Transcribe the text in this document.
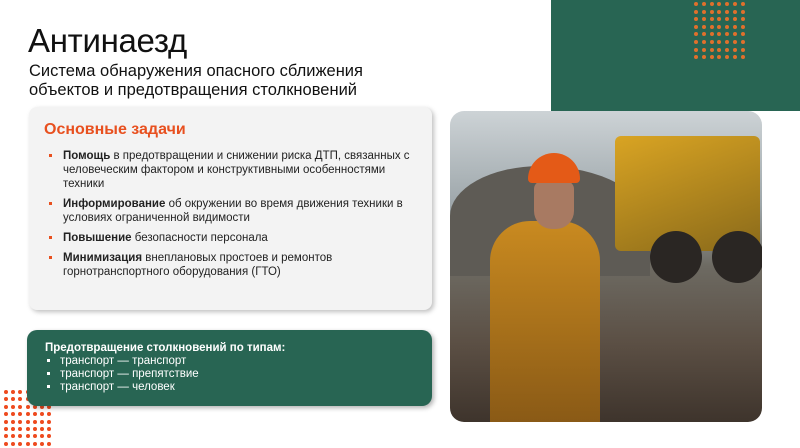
Антинаезд
Система обнаружения опасного сближения объектов и предотвращения столкновений
Основные задачи
Помощь в предотвращении и снижении риска ДТП, связанных с человеческим фактором и конструктивными особенностями техники
Информирование об окружении во время движения техники в условиях ограниченной видимости
Повышение безопасности персонала
Минимизация внеплановых простоев и ремонтов горнотранспортного оборудования (ГТО)
Предотвращение столкновений по типам:
транспорт — транспорт
транспорт — препятствие
транспорт — человек
